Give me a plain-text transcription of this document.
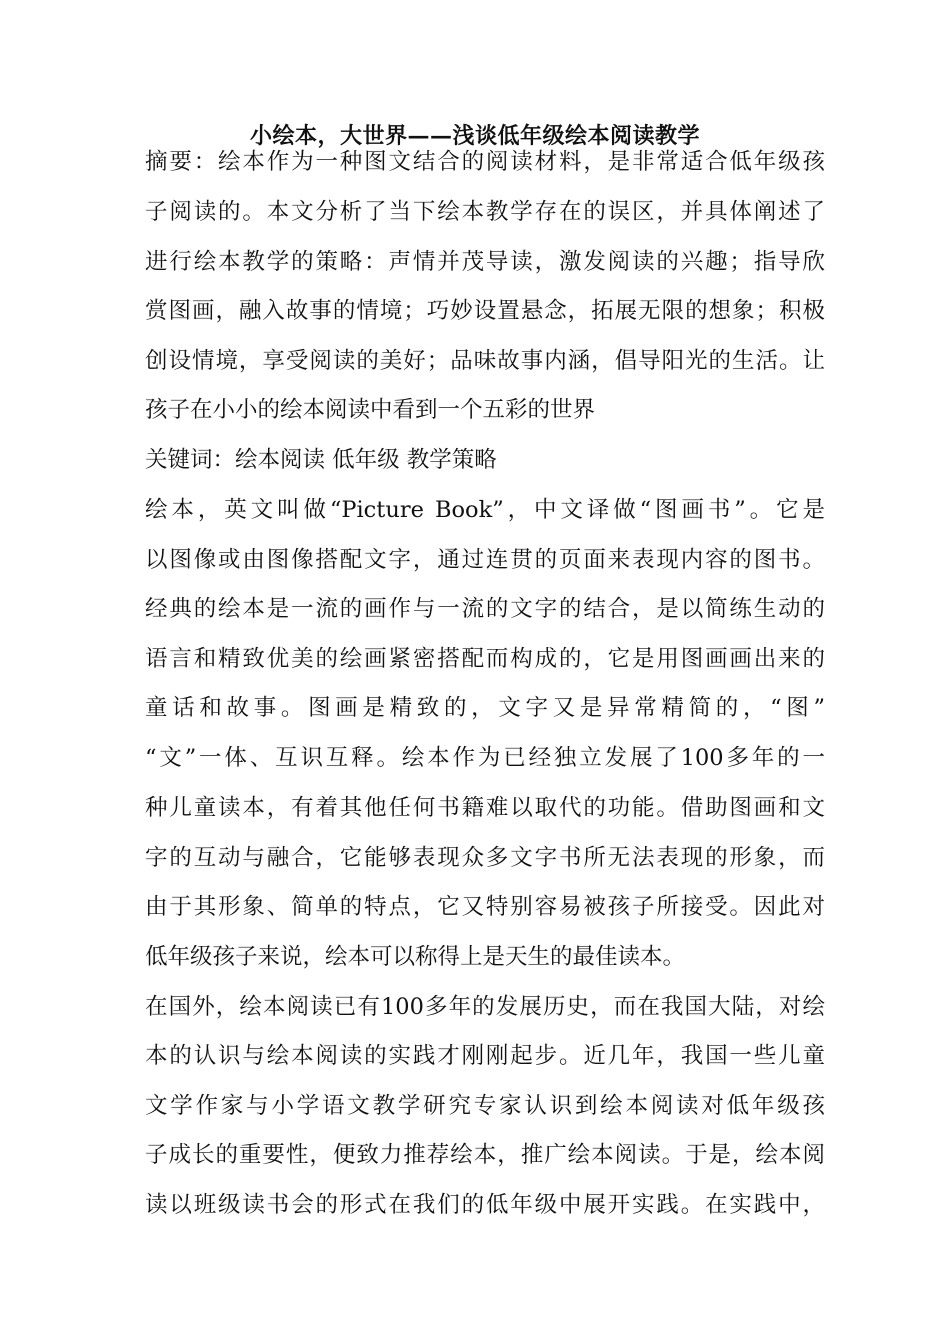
小绘本，大世界——浅谈低年级绘本阅读教学
摘要：绘本作为一种图文结合的阅读材料，是非常适合低年级孩
子阅读的。本文分析了当下绘本教学存在的误区，并具体阐述了
进行绘本教学的策略：声情并茂导读，激发阅读的兴趣；指导欣
赏图画，融入故事的情境；巧妙设置悬念，拓展无限的想象；积极
创设情境，享受阅读的美好；品味故事内涵，倡导阳光的生活。让
孩子在小小的绘本阅读中看到一个五彩的世界
关键词：绘本阅读 低年级 教学策略
绘本，英文叫做“Picture Book”，中文译做“图画书”。它是
以图像或由图像搭配文字，通过连贯的页面来表现内容的图书。
经典的绘本是一流的画作与一流的文字的结合，是以简练生动的
语言和精致优美的绘画紧密搭配而构成的，它是用图画画出来的
童话和故事。图画是精致的，文字又是异常精简的，“图”
“文”一体、互识互释。绘本作为已经独立发展了100多年的一
种儿童读本，有着其他任何书籍难以取代的功能。借助图画和文
字的互动与融合，它能够表现众多文字书所无法表现的形象，而
由于其形象、简单的特点，它又特别容易被孩子所接受。因此对
低年级孩子来说，绘本可以称得上是天生的最佳读本。
在国外，绘本阅读已有100多年的发展历史，而在我国大陆，对绘
本的认识与绘本阅读的实践才刚刚起步。近几年，我国一些儿童
文学作家与小学语文教学研究专家认识到绘本阅读对低年级孩
子成长的重要性，便致力推荐绘本，推广绘本阅读。于是，绘本阅
读以班级读书会的形式在我们的低年级中展开实践。在实践中，
